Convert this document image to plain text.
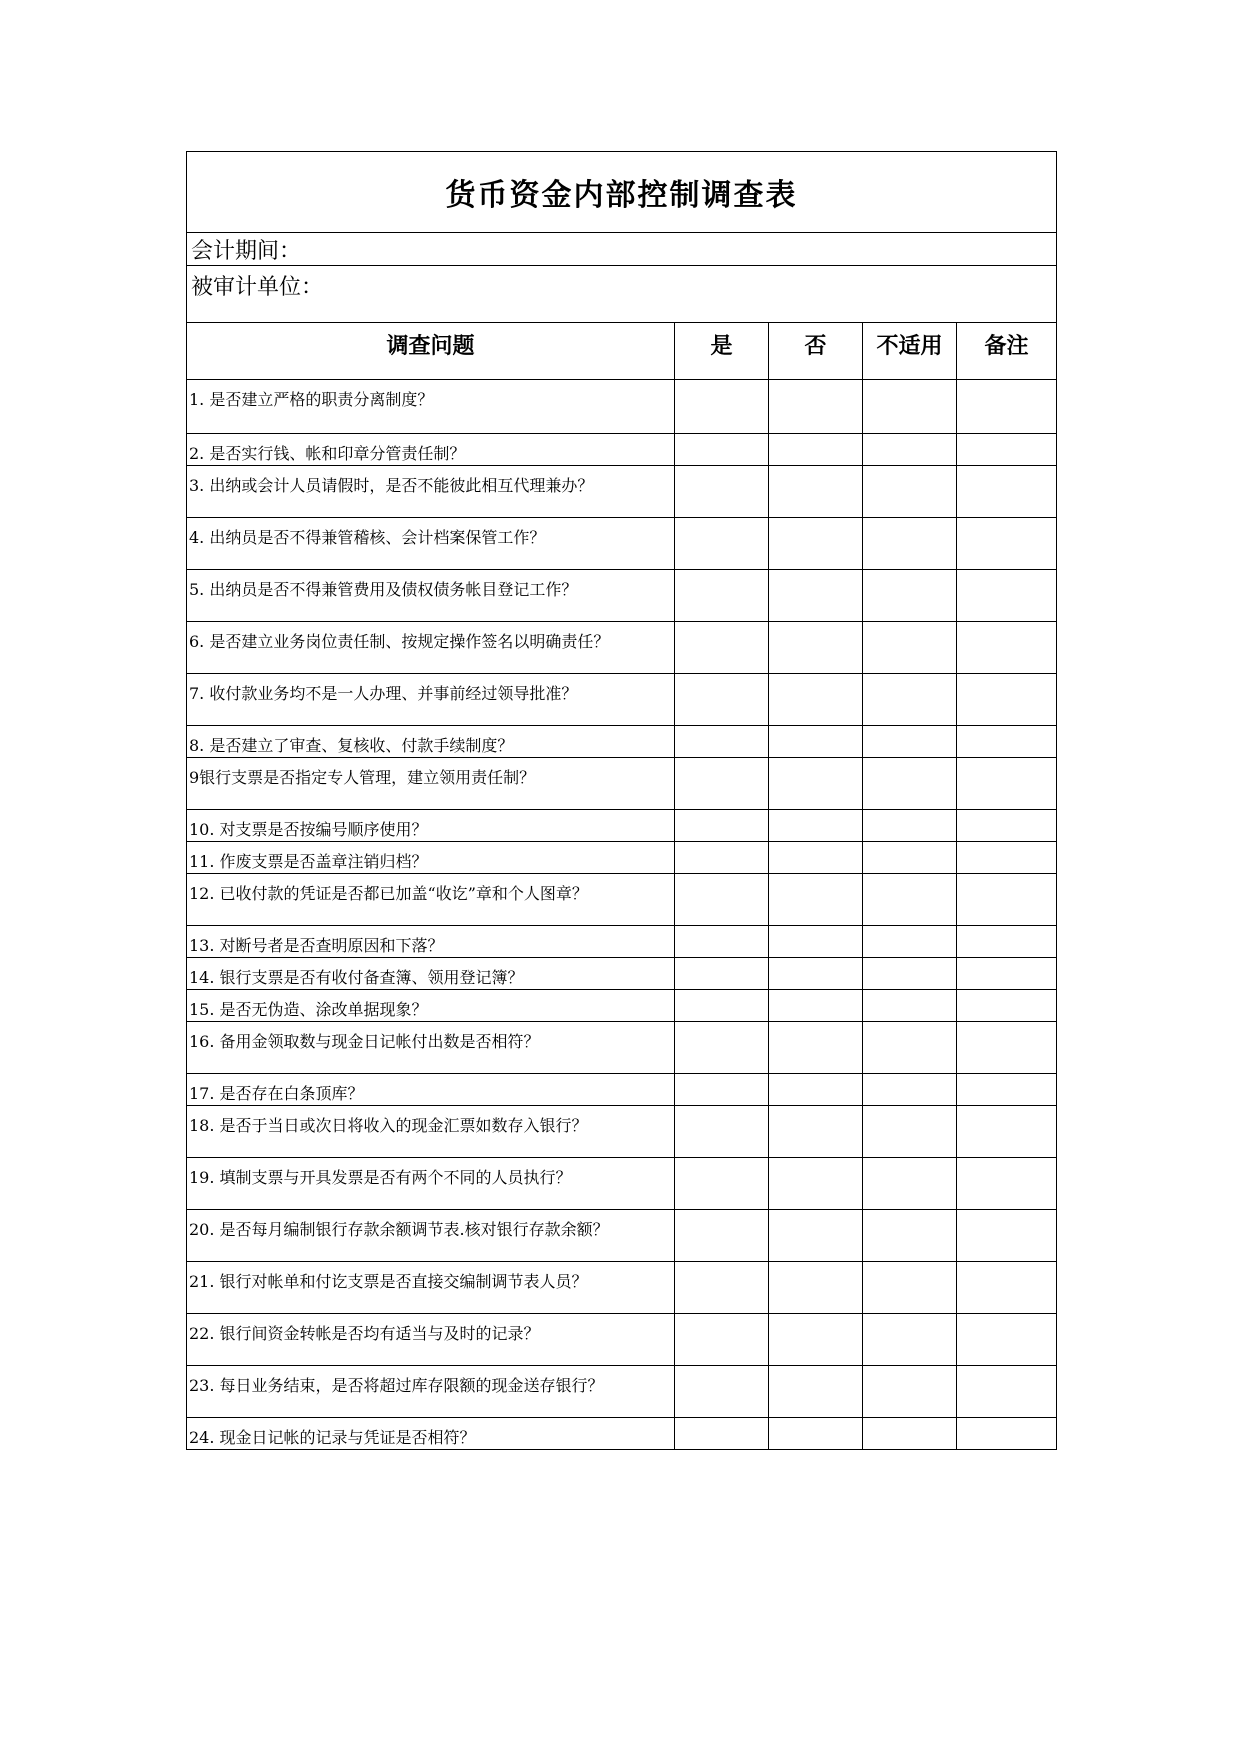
货币资金内部控制调查表				
会计期间：				
被审计单位：				
调查问题	是	否	不适用	备注
1. 是否建立严格的职责分离制度？				
2. 是否实行钱、帐和印章分管责任制？				
3. 出纳或会计人员请假时，是否不能彼此相互代理兼办？				
4. 出纳员是否不得兼管稽核、会计档案保管工作？				
5. 出纳员是否不得兼管费用及债权债务帐目登记工作？				
6. 是否建立业务岗位责任制、按规定操作签名以明确责任？				
7. 收付款业务均不是一人办理、并事前经过领导批准？				
8. 是否建立了审查、复核收、付款手续制度？				
9银行支票是否指定专人管理，建立领用责任制？				
10. 对支票是否按编号顺序使用？				
11. 作废支票是否盖章注销归档？				
12. 已收付款的凭证是否都已加盖“收讫”章和个人图章？				
13. 对断号者是否查明原因和下落？				
14. 银行支票是否有收付备查簿、领用登记簿？				
15. 是否无伪造、涂改单据现象？				
16. 备用金领取数与现金日记帐付出数是否相符？				
17. 是否存在白条顶库？				
18. 是否于当日或次日将收入的现金汇票如数存入银行？				
19. 填制支票与开具发票是否有两个不同的人员执行？				
20. 是否每月编制银行存款余额调节表.核对银行存款余额？				
21. 银行对帐单和付讫支票是否直接交编制调节表人员？				
22. 银行间资金转帐是否均有适当与及时的记录？				
23. 每日业务结束，是否将超过库存限额的现金送存银行？				
24. 现金日记帐的记录与凭证是否相符？				
